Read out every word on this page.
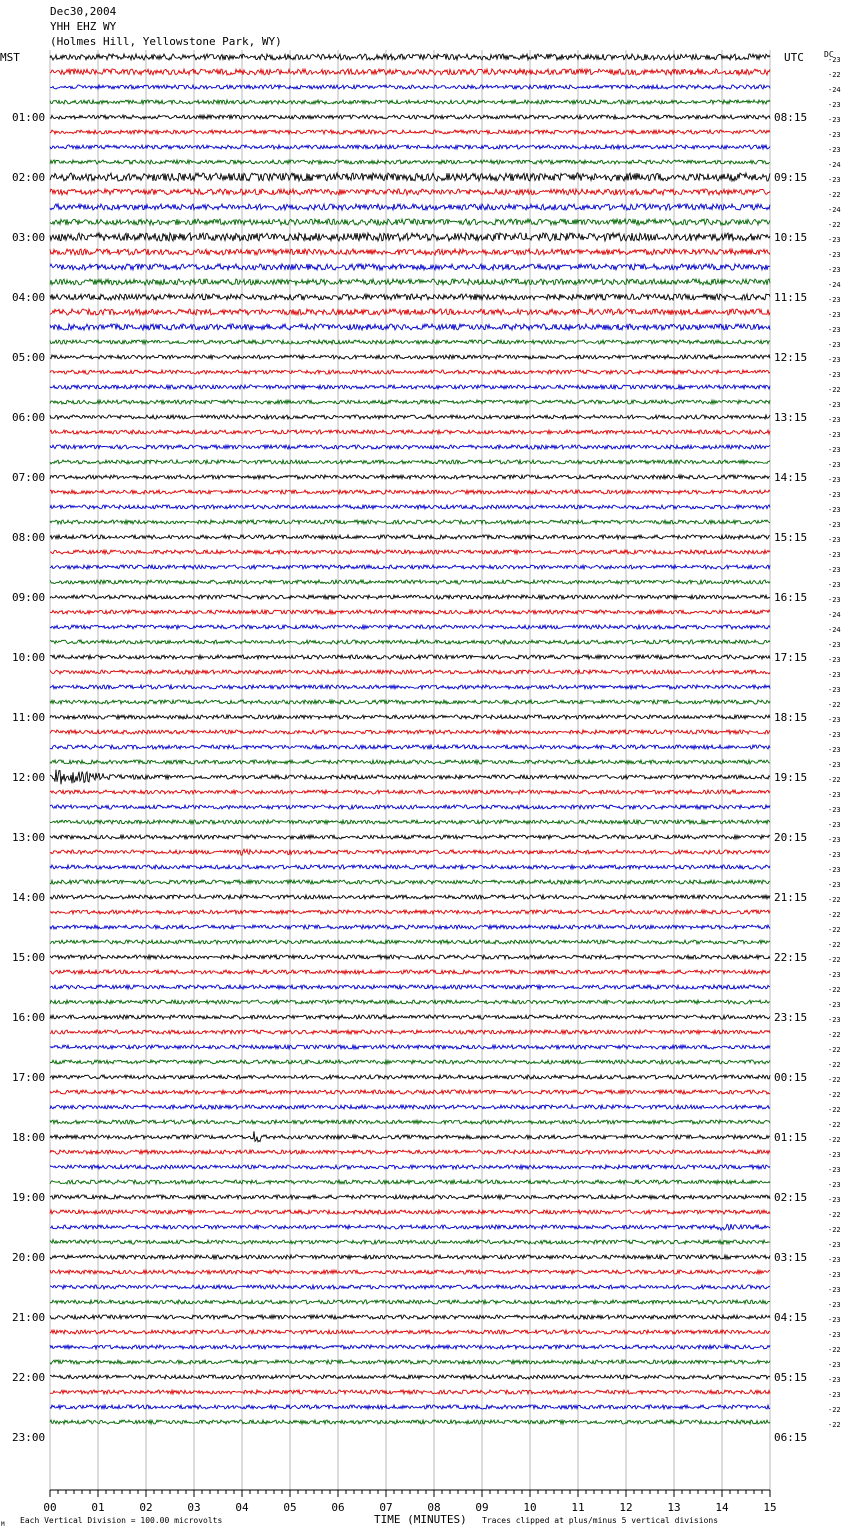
Dec30,2004
YHH EHZ WY
(Holmes Hill, Yellowstone Park, WY)
00	01	02	03	04	05	06	07	08	09	10	11	12	13	14	15
01:00
02:00
03:00
04:00
05:00
06:00
07:00
08:00
09:00
10:00
11:00
12:00
13:00
14:00
15:00
16:00
17:00
18:00
19:00
20:00
21:00
22:00
23:00
08:15
09:15
10:15
11:15
12:15
13:15
14:15
15:15
16:15
17:15
18:15
19:15
20:15
21:15
22:15
23:15
00:15
01:15
02:15
03:15
04:15
05:15
06:15
-23
-22
-24
-23
-23
-23
-23
-24
-23
-22
-24
-22
-23
-23
-23
-24
-23
-23
-23
-23
-23
-23
-22
-23
-23
-23
-23
-23
-23
-23
-23
-23
-23
-23
-23
-23
-23
-24
-24
-23
-23
-23
-23
-22
-23
-23
-23
-23
-22
-23
-23
-23
-23
-23
-23
-23
-22
-22
-22
-22
-22
-23
-22
-23
-23
-22
-22
-22
-22
-22
-22
-22
-22
-23
-23
-23
-23
-22
-22
-23
-23
-23
-23
-23
-23
-23
-22
-23
-23
-23
-22
-22
MST	UTC	DC
TIME (MINUTES)
Each Vertical Division = 100.00 microvolts	Traces clipped at plus/minus 5 vertical divisions
M
